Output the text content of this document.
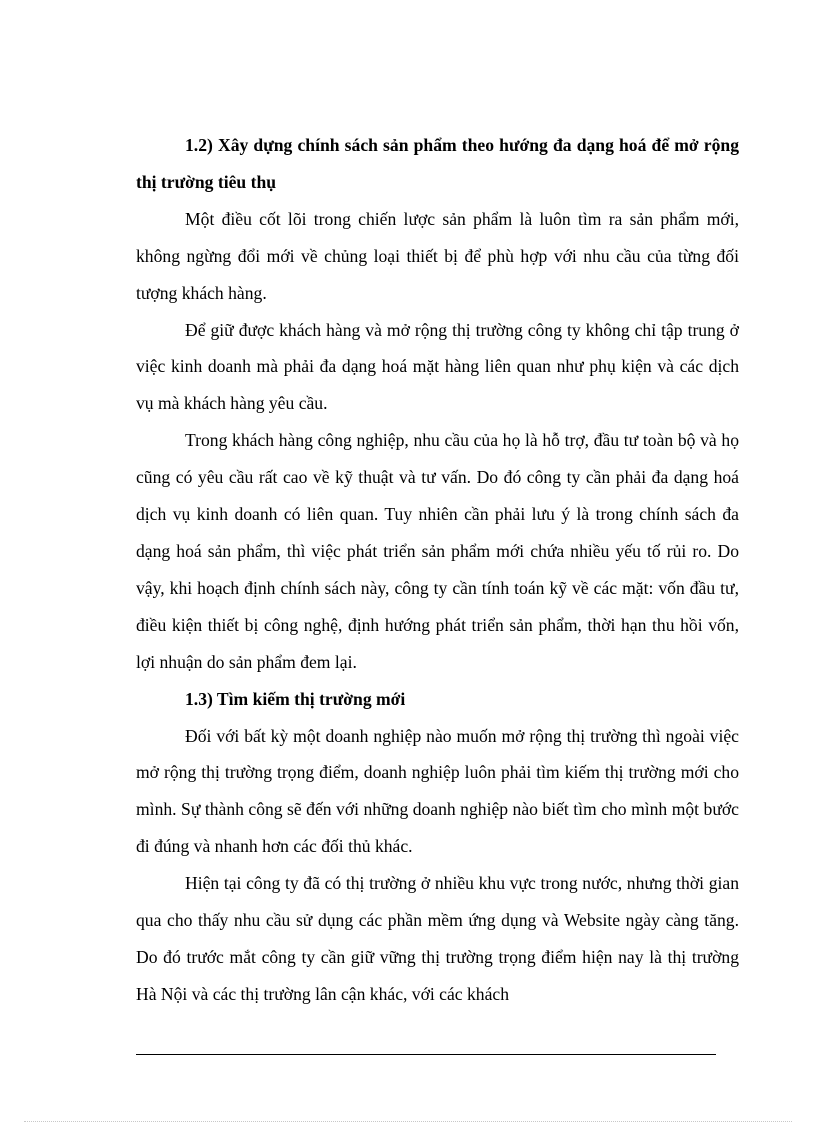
1.2) Xây dựng chính sách sản phẩm theo hướng đa dạng hoá để mở rộng thị trường tiêu thụ

Một điều cốt lõi trong chiến lược sản phẩm là luôn tìm ra sản phẩm mới, không ngừng đổi mới về chủng loại thiết bị để phù hợp với nhu cầu của từng đối tượng khách hàng.

Để giữ được khách hàng và mở rộng thị trường công ty không chỉ tập trung ở việc kinh doanh mà phải đa dạng hoá mặt hàng liên quan như phụ kiện và các dịch vụ mà khách hàng yêu cầu.

Trong khách hàng công nghiệp, nhu cầu của họ là hỗ trợ, đầu tư toàn bộ và họ cũng có yêu cầu rất cao về kỹ thuật và tư vấn. Do đó công ty cần phải đa dạng hoá dịch vụ kinh doanh có liên quan. Tuy nhiên cần phải lưu ý là trong chính sách đa dạng hoá sản phẩm, thì việc phát triển sản phẩm mới chứa nhiều yếu tố rủi ro. Do vậy, khi hoạch định chính sách này, công ty cần tính toán kỹ về các mặt: vốn đầu tư, điều kiện thiết bị công nghệ, định hướng phát triển sản phẩm, thời hạn thu hồi vốn, lợi nhuận do sản phẩm đem lại.

1.3) Tìm kiếm thị trường mới

Đối với bất kỳ một doanh nghiệp nào muốn mở rộng thị trường thì ngoài việc mở rộng thị trường trọng điểm, doanh nghiệp luôn phải tìm kiếm thị trường mới cho mình. Sự thành công sẽ đến với những doanh nghiệp nào biết tìm cho mình một bước đi đúng và nhanh hơn các đối thủ khác.

Hiện tại công ty đã có thị trường ở nhiều khu vực trong nước, nhưng thời gian qua cho thấy nhu cầu sử dụng các phần mềm ứng dụng và Website ngày càng tăng. Do đó trước mắt công ty cần giữ vững thị trường trọng điểm hiện nay là thị trường Hà Nội và các thị trường lân cận khác, với các khách
